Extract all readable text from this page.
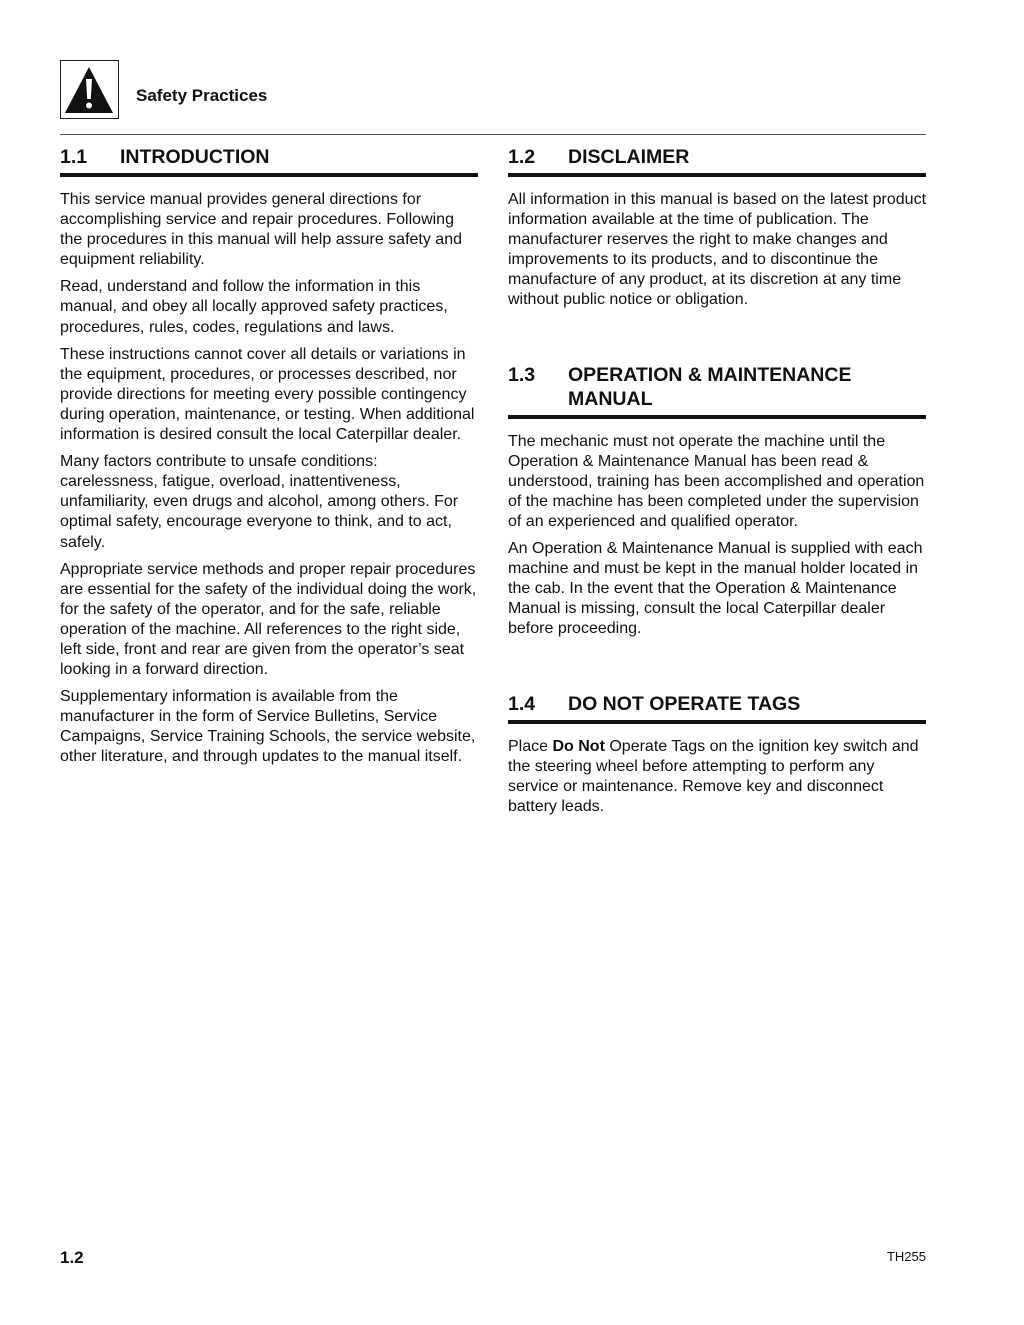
Safety Practices
1.1	INTRODUCTION

This service manual provides general directions for accomplishing service and repair procedures. Following the procedures in this manual will help assure safety and equipment reliability.

Read, understand and follow the information in this manual, and obey all locally approved safety practices, procedures, rules, codes, regulations and laws.

These instructions cannot cover all details or variations in the equipment, procedures, or processes described, nor provide directions for meeting every possible contingency during operation, maintenance, or testing. When additional information is desired consult the local Caterpillar dealer.

Many factors contribute to unsafe conditions: carelessness, fatigue, overload, inattentiveness, unfamiliarity, even drugs and alcohol, among others. For optimal safety, encourage everyone to think, and to act, safely.

Appropriate service methods and proper repair procedures are essential for the safety of the individual doing the work, for the safety of the operator, and for the safe, reliable operation of the machine. All references to the right side, left side, front and rear are given from the operator’s seat looking in a forward direction.

Supplementary information is available from the manufacturer in the form of Service Bulletins, Service Campaigns, Service Training Schools, the service website, other literature, and through updates to the manual itself.

1.2	DISCLAIMER

All information in this manual is based on the latest product information available at the time of publication. The manufacturer reserves the right to make changes and improvements to its products, and to discontinue the manufacture of any product, at its discretion at any time without public notice or obligation.

1.3	OPERATION & MAINTENANCE MANUAL

The mechanic must not operate the machine until the Operation & Maintenance Manual has been read & understood, training has been accomplished and operation of the machine has been completed under the supervision of an experienced and qualified operator.

An Operation & Maintenance Manual is supplied with each machine and must be kept in the manual holder located in the cab. In the event that the Operation & Maintenance Manual is missing, consult the local Caterpillar dealer before proceeding.

1.4	DO NOT OPERATE TAGS

Place Do Not Operate Tags on the ignition key switch and the steering wheel before attempting to perform any service or maintenance. Remove key and disconnect battery leads.

1.2	TH255
